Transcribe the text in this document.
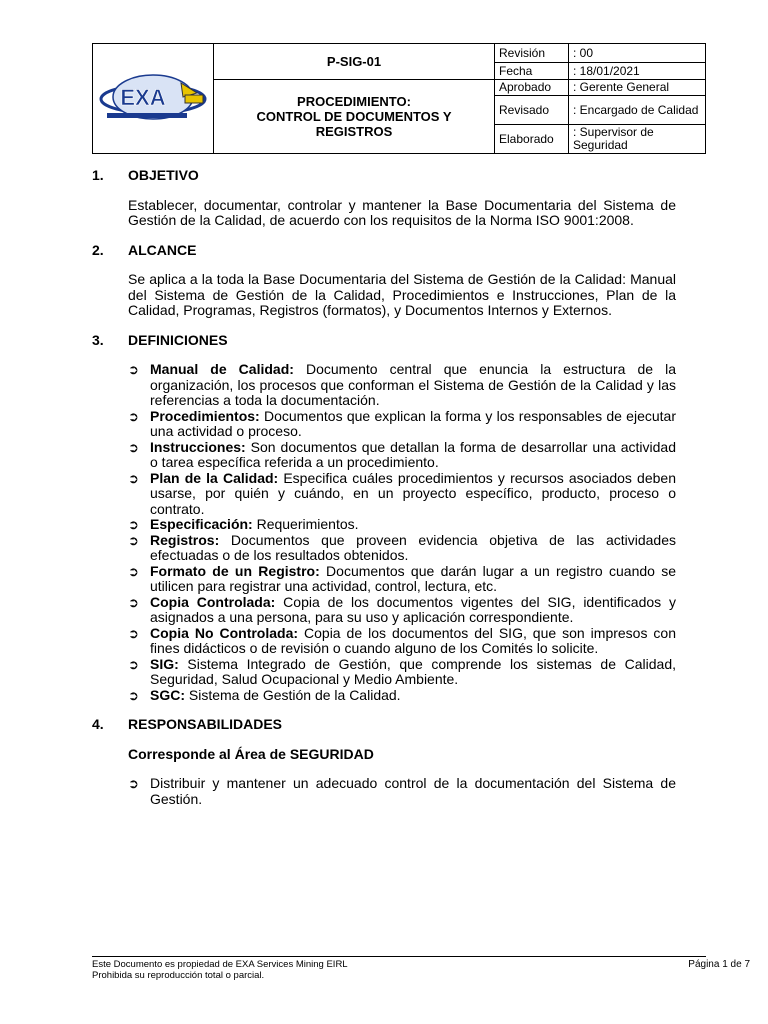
EXA	P-SIG-01	Revisión	: 00
		Fecha	: 18/01/2021

	PROCEDIMIENTO:
CONTROL DE DOCUMENTOS Y
REGISTROS	Aprobado	: Gerente General
		Revisado	: Encargado de Calidad
		Elaborado	: Supervisor de Seguridad
1.	OBJETIVO
Establecer, documentar, controlar y mantener la Base Documentaria del Sistema de Gestión de la Calidad, de acuerdo con los requisitos de la Norma ISO 9001:2008.
2.	ALCANCE
Se aplica a la toda la Base Documentaria del Sistema de Gestión de la Calidad: Manual del Sistema de Gestión de la Calidad, Procedimientos e Instrucciones, Plan de la Calidad, Programas, Registros (formatos), y Documentos Internos y Externos.
3.	DEFINICIONES
➲ Manual de Calidad: Documento central que enuncia la estructura de la organización, los procesos que conforman el Sistema de Gestión de la Calidad y las referencias a toda la documentación.
➲ Procedimientos: Documentos que explican la forma y los responsables de ejecutar una actividad o proceso.
➲ Instrucciones: Son documentos que detallan la forma de desarrollar una actividad o tarea específica referida a un procedimiento.
➲ Plan de la Calidad: Especifica cuáles procedimientos y recursos asociados deben usarse, por quién y cuándo, en un proyecto específico, producto, proceso o contrato.
➲ Especificación: Requerimientos.
➲ Registros: Documentos que proveen evidencia objetiva de las actividades efectuadas o de los resultados obtenidos.
➲ Formato de un Registro: Documentos que darán lugar a un registro cuando se utilicen para registrar una actividad, control, lectura, etc.
➲ Copia Controlada: Copia de los documentos vigentes del SIG, identificados y asignados a una persona, para su uso y aplicación correspondiente.
➲ Copia No Controlada: Copia de los documentos del SIG, que son impresos con fines didácticos o de revisión o cuando alguno de los Comités lo solicite.
➲ SIG: Sistema Integrado de Gestión, que comprende los sistemas de Calidad, Seguridad, Salud Ocupacional y Medio Ambiente.
➲ SGC: Sistema de Gestión de la Calidad.
4.	RESPONSABILIDADES
Corresponde al Área de SEGURIDAD
➲ Distribuir y mantener un adecuado control de la documentación del Sistema de Gestión.
Este Documento es propiedad de EXA Services Mining EIRL
Prohibida su reproducción total o parcial.
Página 1 de 7
